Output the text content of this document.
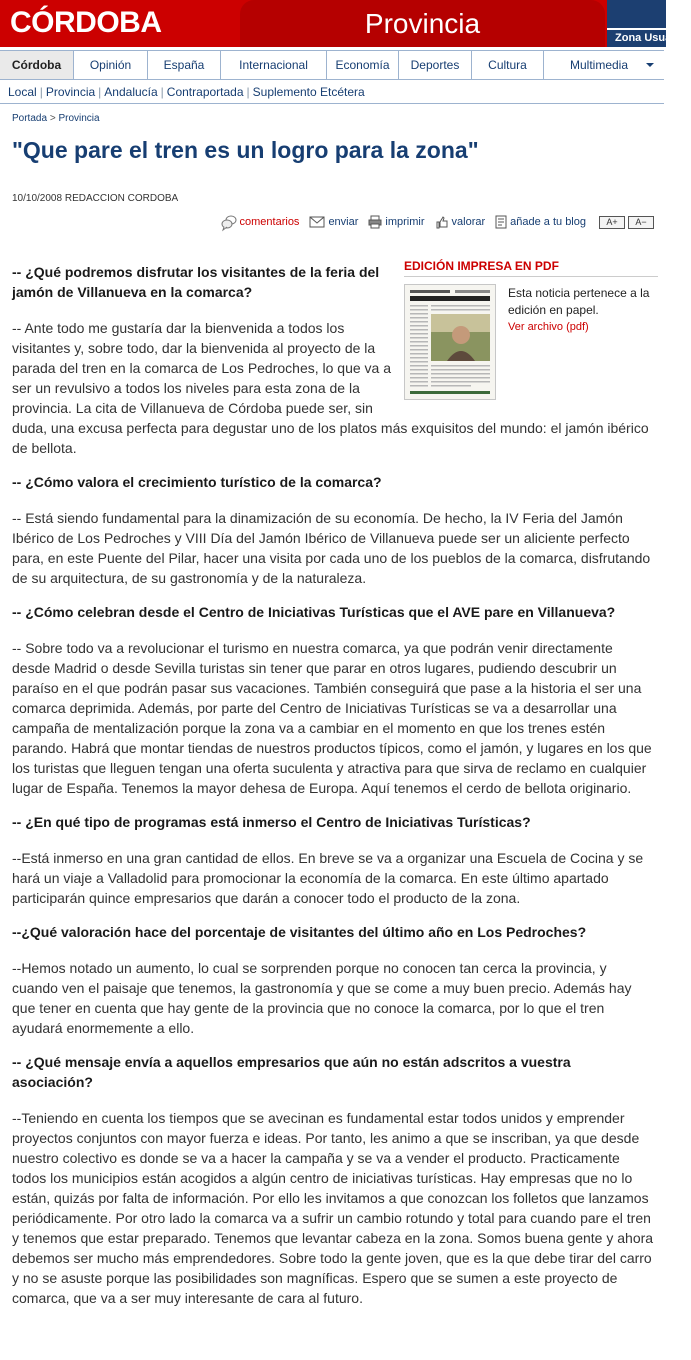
CÓRDOBA	Provincia	Zona Usuarios
Córdoba	Opinión	España	Internacional	Economía	Deportes	Cultura	Multimedia
Local | Provincia | Andalucía | Contraportada | Suplemento Etcétera
Portada > Provincia
"Que pare el tren es un logro para la zona"
10/10/2008 REDACCION CORDOBA
comentarios	enviar imprimir valorar añade a tu blog	A+	A−
EDICIÓN IMPRESA EN PDF
Esta noticia pertenece a la edición en papel.
Ver archivo (pdf)

-- ¿Qué podremos disfrutar los visitantes de la feria del jamón de Villanueva en la comarca?

-- Ante todo me gustaría dar la bienvenida a todos los visitantes y, sobre todo, dar la bienvenida al proyecto de la parada del tren en la comarca de Los Pedroches, lo que va a ser un revulsivo a todos los niveles para esta zona de la provincia. La cita de Villanueva de Córdoba puede ser, sin duda, una excusa perfecta para degustar uno de los platos más exquisitos del mundo: el jamón ibérico de bellota.

-- ¿Cómo valora el crecimiento turístico de la comarca?

-- Está siendo fundamental para la dinamización de su economía. De hecho, la IV Feria del Jamón Ibérico de Los Pedroches y VIII Día del Jamón Ibérico de Villanueva puede ser un aliciente perfecto para, en este Puente del Pilar, hacer una visita por cada uno de los pueblos de la comarca, disfrutando de su arquitectura, de su gastronomía y de la naturaleza.

-- ¿Cómo celebran desde el Centro de Iniciativas Turísticas que el AVE pare en Villanueva?

-- Sobre todo va a revolucionar el turismo en nuestra comarca, ya que podrán venir directamente desde Madrid o desde Sevilla turistas sin tener que parar en otros lugares, pudiendo descubrir un paraíso en el que podrán pasar sus vacaciones. También conseguirá que pase a la historia el ser una comarca deprimida. Además, por parte del Centro de Iniciativas Turísticas se va a desarrollar una campaña de mentalización porque la zona va a cambiar en el momento en que los trenes estén parando. Habrá que montar tiendas de nuestros productos típicos, como el jamón, y lugares en los que los turistas que lleguen tengan una oferta suculenta y atractiva para que sirva de reclamo en cualquier lugar de España. Tenemos la mayor dehesa de Europa. Aquí tenemos el cerdo de bellota originario.

-- ¿En qué tipo de programas está inmerso el Centro de Iniciativas Turísticas?

--Está inmerso en una gran cantidad de ellos. En breve se va a organizar una Escuela de Cocina y se hará un viaje a Valladolid para promocionar la economía de la comarca. En este último apartado participarán quince empresarios que darán a conocer todo el producto de la zona.

--¿Qué valoración hace del porcentaje de visitantes del último año en Los Pedroches?

--Hemos notado un aumento, lo cual se sorprenden porque no conocen tan cerca la provincia, y cuando ven el paisaje que tenemos, la gastronomía y que se come a muy buen precio. Además hay que tener en cuenta que hay gente de la provincia que no conoce la comarca, por lo que el tren ayudará enormemente a ello.

-- ¿Qué mensaje envía a aquellos empresarios que aún no están adscritos a vuestra asociación?

--Teniendo en cuenta los tiempos que se avecinan es fundamental estar todos unidos y emprender proyectos conjuntos con mayor fuerza e ideas. Por tanto, les animo a que se inscriban, ya que desde nuestro colectivo es donde se va a hacer la campaña y se va a vender el producto. Practicamente todos los municipios están acogidos a algún centro de iniciativas turísticas. Hay empresas que no lo están, quizás por falta de información. Por ello les invitamos a que conozcan los folletos que lanzamos periódicamente. Por otro lado la comarca va a sufrir un cambio rotundo y total para cuando pare el tren y tenemos que estar preparado. Tenemos que levantar cabeza en la zona. Somos buena gente y ahora debemos ser mucho más emprendedores. Sobre todo la gente joven, que es la que debe tirar del carro y no se asuste porque las posibilidades son magníficas. Espero que se sumen a este proyecto de comarca, que va a ser muy interesante de cara al futuro.
